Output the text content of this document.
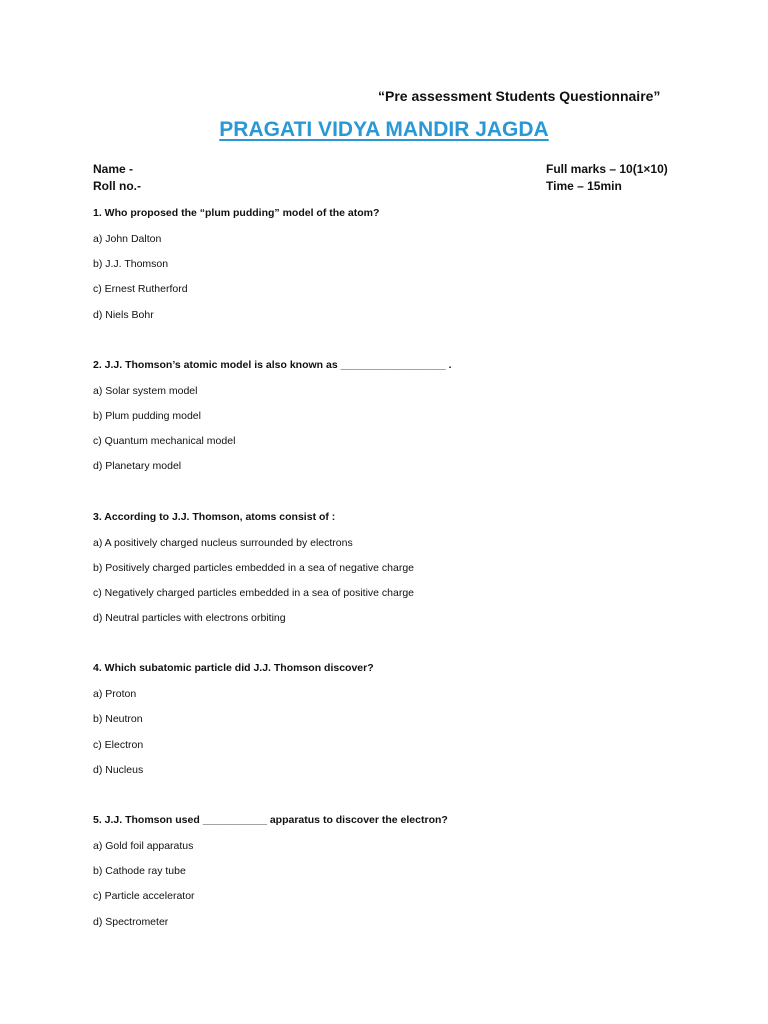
“Pre assessment Students Questionnaire”
PRAGATI VIDYA MANDIR JAGDA
Name -
Roll no.-
Full marks – 10(1×10)
Time – 15min
1. Who proposed the “plum pudding” model of the atom?
a) John Dalton
b) J.J. Thomson
c) Ernest Rutherford
d) Niels Bohr
2. J.J. Thomson’s atomic model is also known as __________________ .
a) Solar system model
b) Plum pudding model
c) Quantum mechanical model
d) Planetary model
3. According to J.J. Thomson, atoms consist of :
a) A positively charged nucleus surrounded by electrons
b) Positively charged particles embedded in a sea of negative charge
c) Negatively charged particles embedded in a sea of positive charge
d) Neutral particles with electrons orbiting
4. Which subatomic particle did J.J. Thomson discover?
a) Proton
b) Neutron
c) Electron
d) Nucleus
5. J.J. Thomson used ___________ apparatus to discover the electron?
a) Gold foil apparatus
b) Cathode ray tube
c) Particle accelerator
d) Spectrometer
